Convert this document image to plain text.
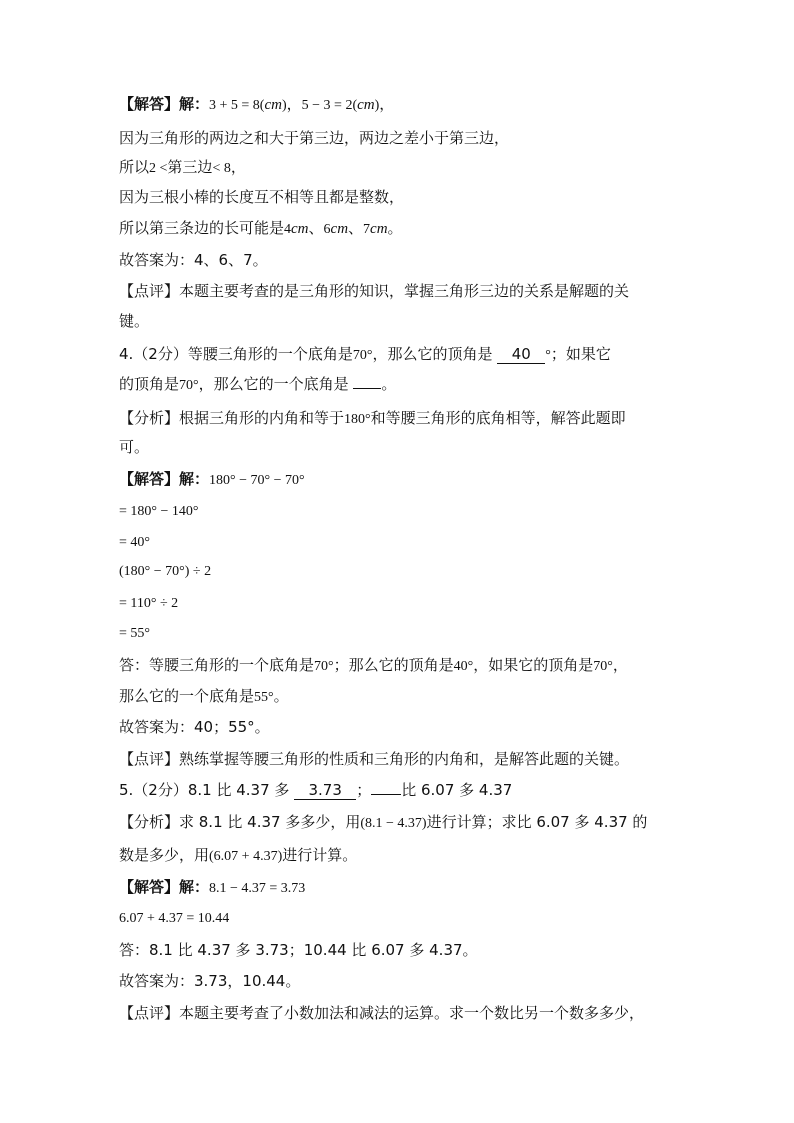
【解答】解：3 + 5 = 8(cm)，5 − 3 = 2(cm)，
因为三角形的两边之和大于第三边，两边之差小于第三边，
所以2 <第三边< 8，
因为三根小棒的长度互不相等且都是整数，
所以第三条边的长可能是4cm、6cm、7cm。
故答案为：4、6、7。
【点评】本题主要考查的是三角形的知识，掌握三角形三边的关系是解题的关
键。
4.（2分）等腰三角形的一个底角是70°，那么它的顶角是 40 °；如果它
的顶角是70°，那么它的一个底角是 。
【分析】根据三角形的内角和等于180°和等腰三角形的底角相等，解答此题即
可。
【解答】解：180° − 70° − 70°
= 180° − 140°
= 40°
(180° − 70°) ÷ 2
= 110° ÷ 2
= 55°
答：等腰三角形的一个底角是70°；那么它的顶角是40°，如果它的顶角是70°，
那么它的一个底角是55°。
故答案为：40；55°。
【点评】熟练掌握等腰三角形的性质和三角形的内角和，是解答此题的关键。
5.（2分）8.1 比 4.37 多 3.73 ； 比 6.07 多 4.37
【分析】求 8.1 比 4.37 多多少，用(8.1 − 4.37)进行计算；求比 6.07 多 4.37 的
数是多少，用(6.07 + 4.37)进行计算。
【解答】解：8.1 − 4.37 = 3.73
6.07 + 4.37 = 10.44
答：8.1 比 4.37 多 3.73；10.44 比 6.07 多 4.37。
故答案为：3.73，10.44。
【点评】本题主要考查了小数加法和减法的运算。求一个数比另一个数多多少，
